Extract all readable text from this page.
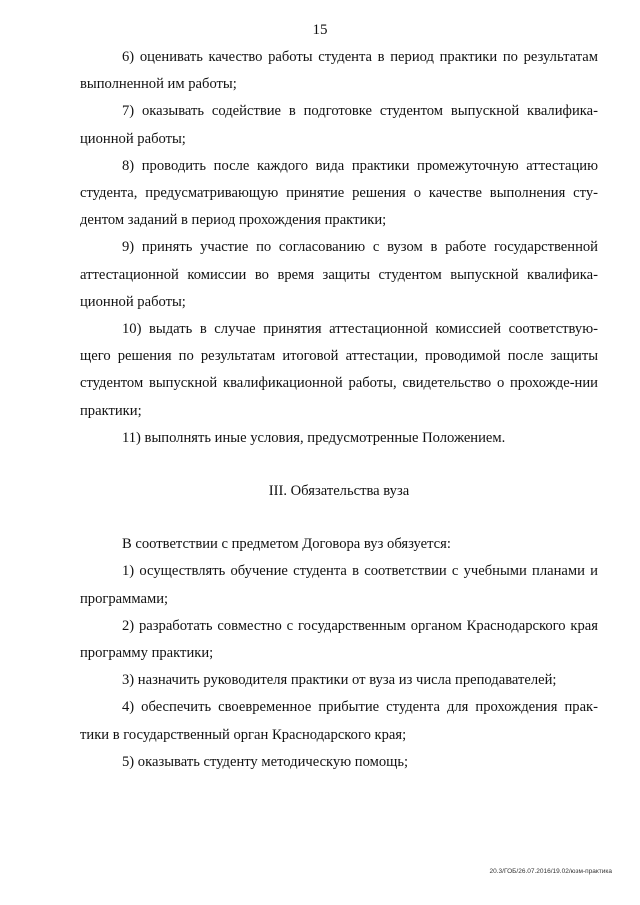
15

6) оценивать качество работы студента в период практики по результатам выполненной им работы;

7) оказывать содействие в подготовке студентом выпускной квалифика-ционной работы;

8) проводить после каждого вида практики промежуточную аттестацию студента, предусматривающую принятие решения о качестве выполнения сту-дентом заданий в период прохождения практики;

9) принять участие по согласованию с вузом в работе государственной аттестационной комиссии во время защиты студентом выпускной квалифика-ционной работы;

10) выдать в случае принятия аттестационной комиссией соответствую-щего решения по результатам итоговой аттестации, проводимой после защиты студентом выпускной квалификационной работы, свидетельство о прохожде-нии практики;

11) выполнять иные условия, предусмотренные Положением.

III. Обязательства вуза

В соответствии с предметом Договора вуз обязуется:

1) осуществлять обучение студента в соответствии с учебными планами и программами;

2) разработать совместно с государственным органом Краснодарского края программу практики;

3) назначить руководителя практики от вуза из числа преподавателей;

4) обеспечить своевременное прибытие студента для прохождения прак-тики в государственный орган Краснодарского края;

5) оказывать студенту методическую помощь;

20.3/ГОБ/26.07.2016/19.02/юзм-практика
